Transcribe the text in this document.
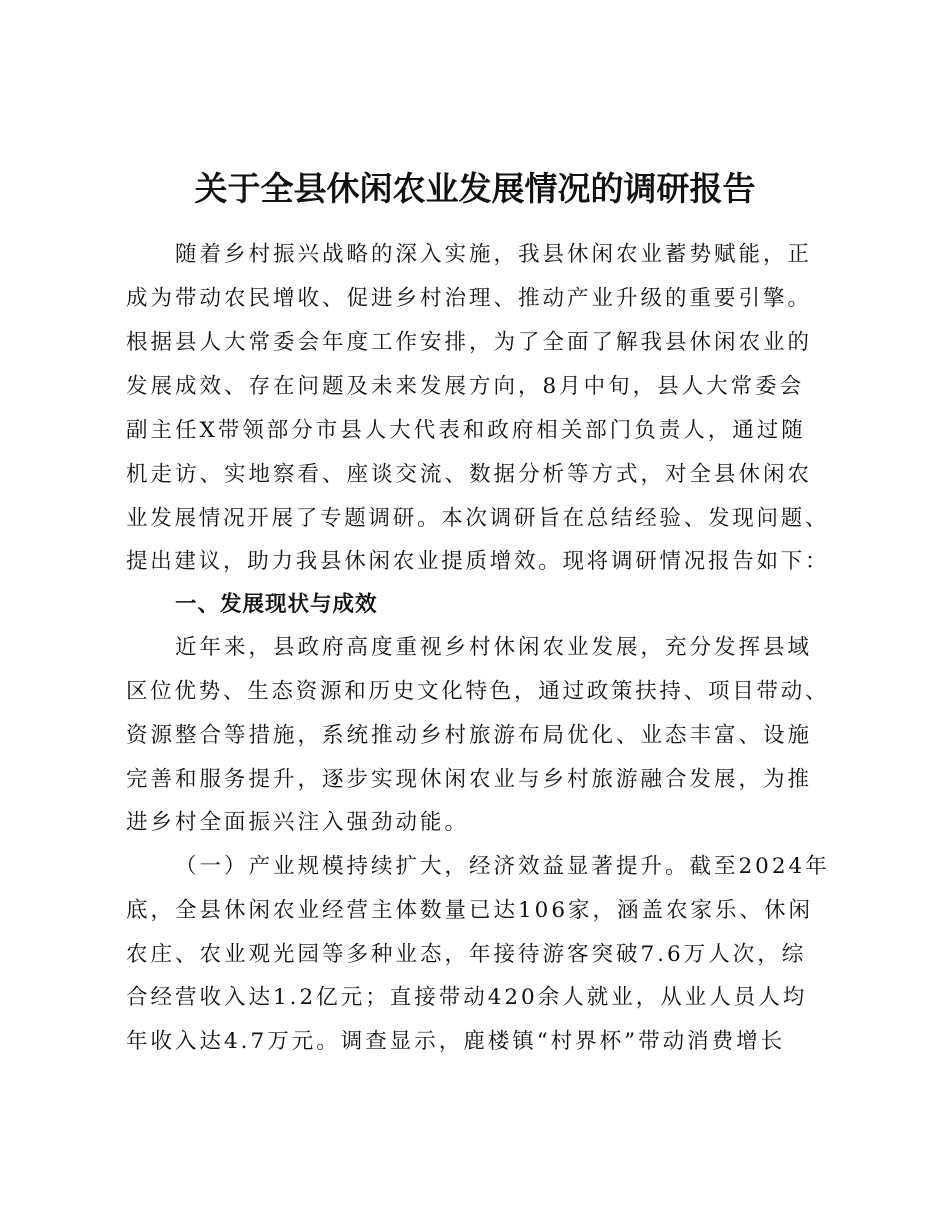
关于全县休闲农业发展情况的调研报告
随着乡村振兴战略的深入实施，我县休闲农业蓄势赋能，正
成为带动农民增收、促进乡村治理、推动产业升级的重要引擎。
根据县人大常委会年度工作安排，为了全面了解我县休闲农业的
发展成效、存在问题及未来发展方向，8月中旬，县人大常委会
副主任X带领部分市县人大代表和政府相关部门负责人，通过随
机走访、实地察看、座谈交流、数据分析等方式，对全县休闲农
业发展情况开展了专题调研。本次调研旨在总结经验、发现问题、
提出建议，助力我县休闲农业提质增效。现将调研情况报告如下：
一、发展现状与成效
近年来，县政府高度重视乡村休闲农业发展，充分发挥县域
区位优势、生态资源和历史文化特色，通过政策扶持、项目带动、
资源整合等措施，系统推动乡村旅游布局优化、业态丰富、设施
完善和服务提升，逐步实现休闲农业与乡村旅游融合发展，为推
进乡村全面振兴注入强劲动能。
（一）产业规模持续扩大，经济效益显著提升。截至2024年
底，全县休闲农业经营主体数量已达106家，涵盖农家乐、休闲
农庄、农业观光园等多种业态，年接待游客突破7.6万人次，综
合经营收入达1.2亿元；直接带动420余人就业，从业人员人均
年收入达4.7万元。调查显示，鹿楼镇“村界杯”带动消费增长
